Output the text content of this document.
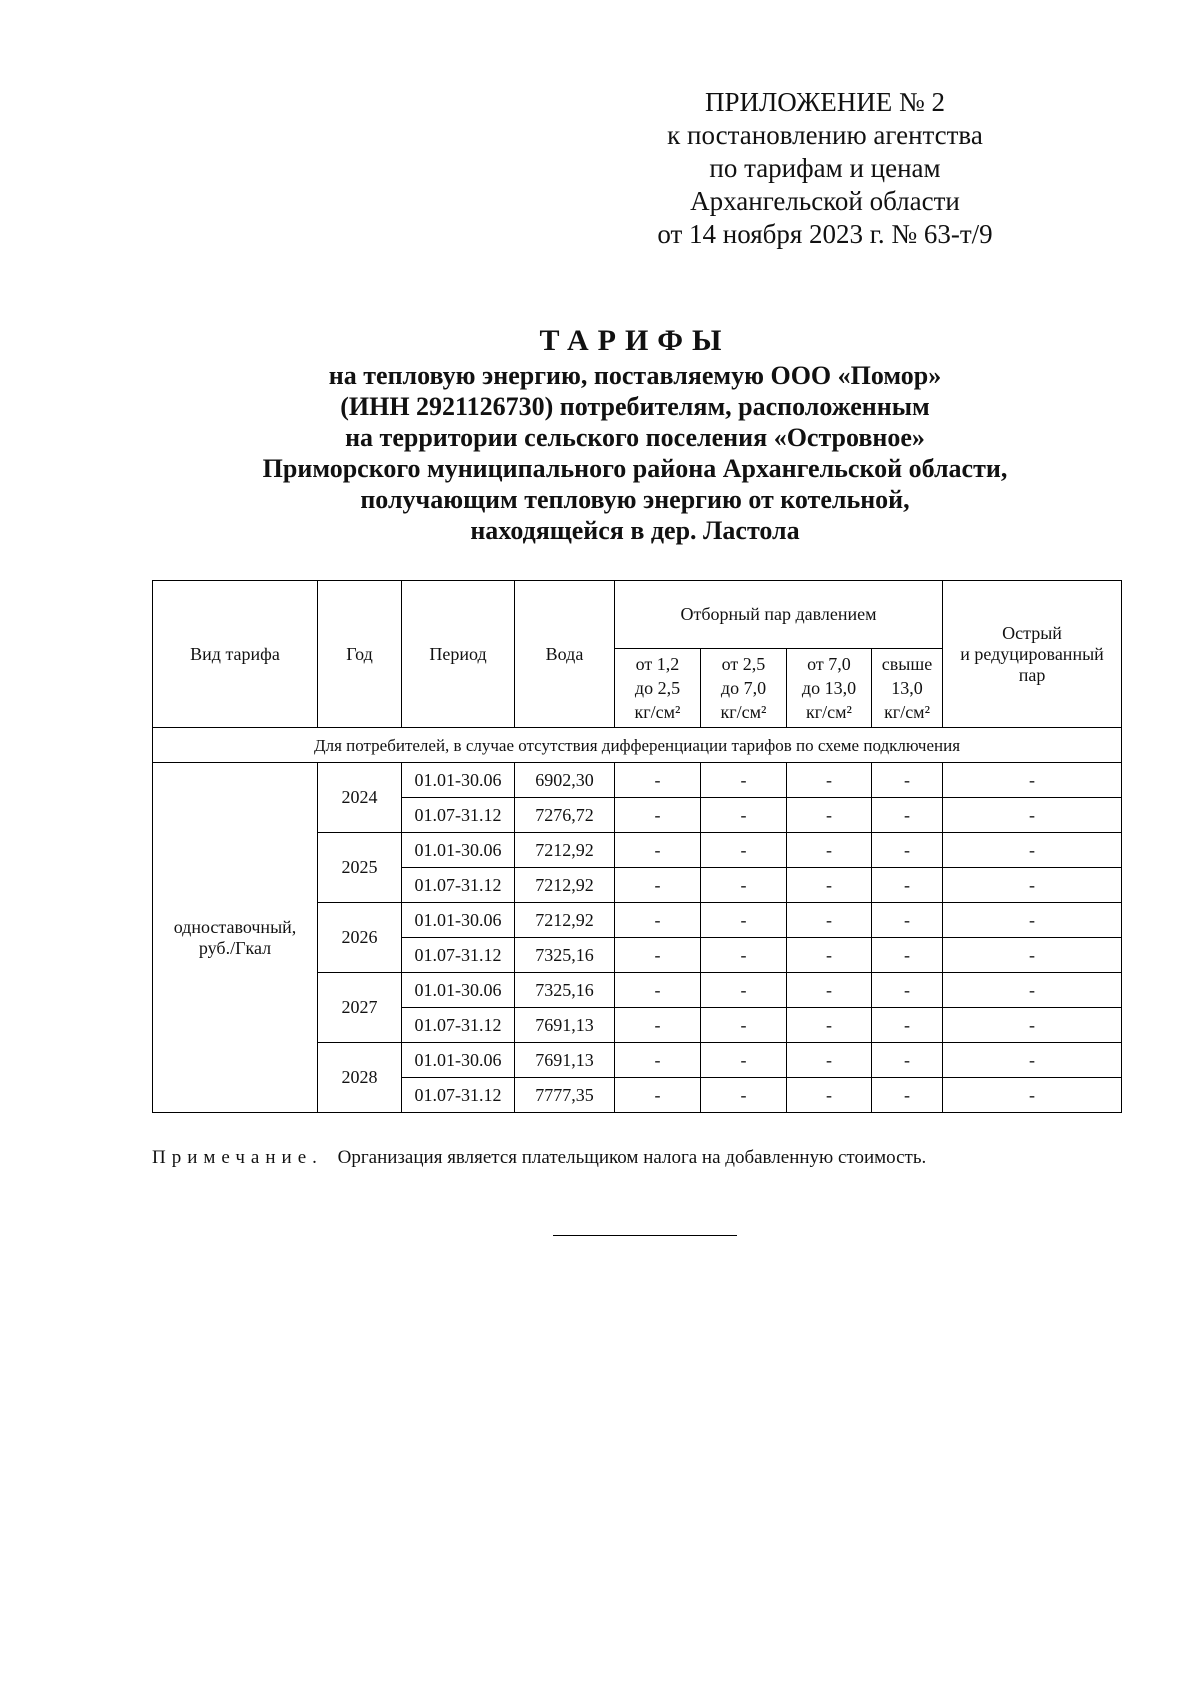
ПРИЛОЖЕНИЕ № 2
к постановлению агентства
по тарифам и ценам
Архангельской области
от 14 ноября 2023 г. № 63-т/9
ТАРИФЫ
на тепловую энергию, поставляемую ООО «Помор»
(ИНН 2921126730) потребителям, расположенным
на территории сельского поселения «Островное»
Приморского муниципального района Архангельской области,
получающим тепловую энергию от котельной,
находящейся в дер. Ластола
Вид тарифа	Год	Период	Вода	Отборный пар давлением				Острый
и редуцированный
пар

				от 1,2
до 2,5
кг/см²	от 2,5
до 7,0
кг/см²	от 7,0
до 13,0
кг/см²	свыше
13,0
кг/см²	

Для потребителей, в случае отсутствия дифференциации тарифов по схеме подключения								

одноставочный,
руб./Гкал	2024	01.01-30.06	6902,30	-	-	-	-	-
		01.07-31.12	7276,72	-	-	-	-	-
	2025	01.01-30.06	7212,92	-	-	-	-	-
		01.07-31.12	7212,92	-	-	-	-	-
	2026	01.01-30.06	7212,92	-	-	-	-	-
		01.07-31.12	7325,16	-	-	-	-	-
	2027	01.01-30.06	7325,16	-	-	-	-	-
		01.07-31.12	7691,13	-	-	-	-	-
	2028	01.01-30.06	7691,13	-	-	-	-	-
		01.07-31.12	7777,35	-	-	-	-	-
Примечание. Организация является плательщиком налога на добавленную стоимость.
